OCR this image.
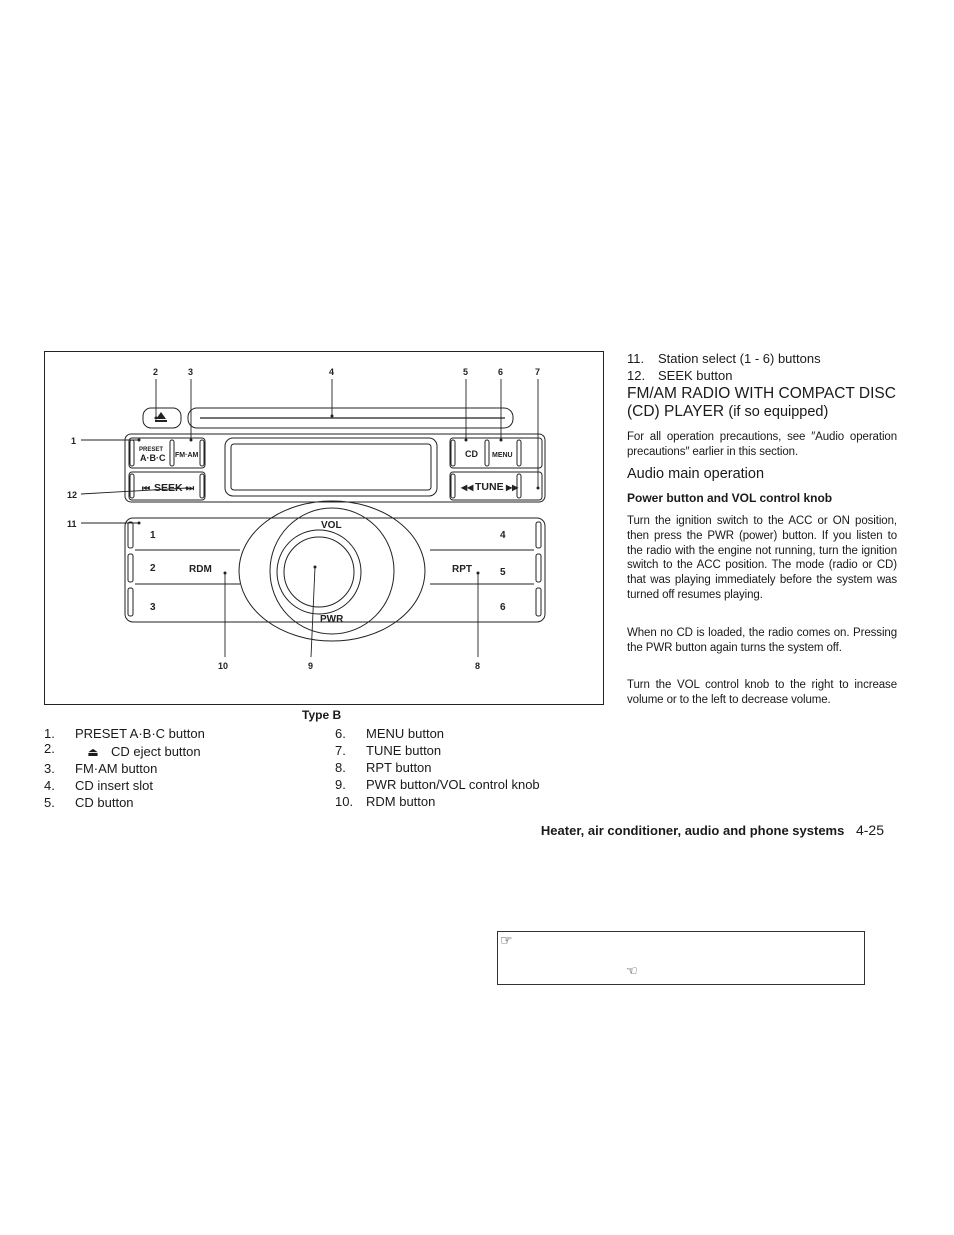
1
2	3	4	5	6	7
8
9
10
11
12
PRESET
A·B·C FM·AM	CD MENU
⏮ SEEK ⏭	◀◀ TUNE ▶▶
VOL
PWR
RDM	RPT
1
2
3
4
5
6
Type B
1. PRESET A·B·C button
2.	⏏ CD eject button
3. FM·AM button
4. CD insert slot
5. CD button
6. MENU button
7. TUNE button
8. RPT button
9. PWR button/VOL control knob
10. RDM button
11. Station select (1 - 6) buttons
12. SEEK button
FM/AM RADIO WITH COMPACT DISC (CD) PLAYER (if so equipped)

For all operation precautions, see ″Audio operation precautions″ earlier in this section.

Audio main operation
Power button and VOL control knob

Turn the ignition switch to the ACC or ON position, then press the PWR (power) button. If you listen to the radio with the engine not running, turn the ignition switch to the ACC position. The mode (radio or CD) that was playing immediately before the system was turned off resumes playing.

When no CD is loaded, the radio comes on. Pressing the PWR button again turns the system off.

Turn the VOL control knob to the right to increase volume or to the left to decrease volume.

Heater, air conditioner, audio and phone systems 4-25
☞
☜
